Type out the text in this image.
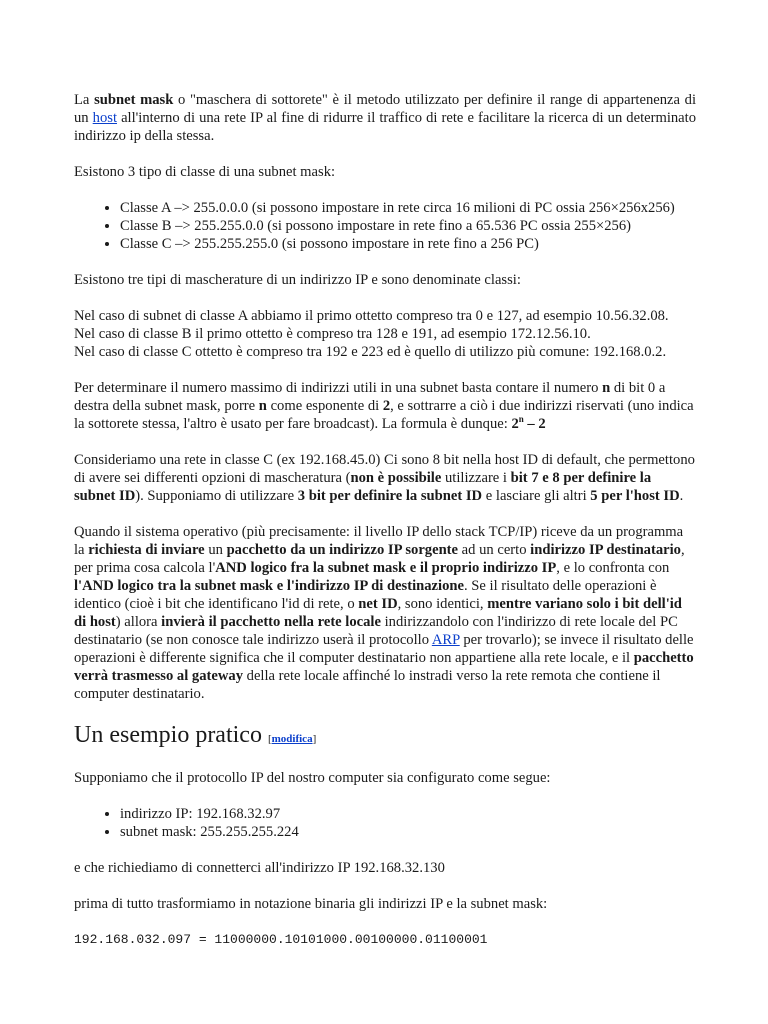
La subnet mask o "maschera di sottorete" è il metodo utilizzato per definire il range di appartenenza di un host all'interno di una rete IP al fine di ridurre il traffico di rete e facilitare la ricerca di un determinato indirizzo ip della stessa.

Esistono 3 tipo di classe di una subnet mask:

• Classe A –> 255.0.0.0 (si possono impostare in rete circa 16 milioni di PC ossia 256×256x256)
• Classe B –> 255.255.0.0 (si possono impostare in rete fino a 65.536 PC ossia 255×256)
• Classe C –> 255.255.255.0 (si possono impostare in rete fino a 256 PC)

Esistono tre tipi di mascherature di un indirizzo IP e sono denominate classi:

Nel caso di subnet di classe A abbiamo il primo ottetto compreso tra 0 e 127, ad esempio 10.56.32.08.
Nel caso di classe B il primo ottetto è compreso tra 128 e 191, ad esempio 172.12.56.10.
Nel caso di classe C ottetto è compreso tra 192 e 223 ed è quello di utilizzo più comune: 192.168.0.2.

Per determinare il numero massimo di indirizzi utili in una subnet basta contare il numero n di bit 0 a destra della subnet mask, porre n come esponente di 2, e sottrarre a ciò i due indirizzi riservati (uno indica la sottorete stessa, l'altro è usato per fare broadcast). La formula è dunque: 2$^n$ – 2

Consideriamo una rete in classe C (ex 192.168.45.0) Ci sono 8 bit nella host ID di default, che permettono di avere sei differenti opzioni di mascheratura (non è possibile utilizzare i bit 7 e 8 per definire la subnet ID). Supponiamo di utilizzare 3 bit per definire la subnet ID e lasciare gli altri 5 per l'host ID.

Quando il sistema operativo (più precisamente: il livello IP dello stack TCP/IP) riceve da un programma la richiesta di inviare un pacchetto da un indirizzo IP sorgente ad un certo indirizzo IP destinatario, per prima cosa calcola l'AND logico fra la subnet mask e il proprio indirizzo IP, e lo confronta con l'AND logico tra la subnet mask e l'indirizzo IP di destinazione. Se il risultato delle operazioni è identico (cioè i bit che identificano l'id di rete, o net ID, sono identici, mentre variano solo i bit dell'id di host) allora invierà il pacchetto nella rete locale indirizzandolo con l'indirizzo di rete locale del PC destinatario (se non conosce tale indirizzo userà il protocollo ARP per trovarlo); se invece il risultato delle operazioni è differente significa che il computer destinatario non appartiene alla rete locale, e il pacchetto verrà trasmesso al gateway della rete locale affinché lo instradi verso la rete remota che contiene il computer destinatario.

Un esempio pratico [modifica]

Supponiamo che il protocollo IP del nostro computer sia configurato come segue:

• indirizzo IP: 192.168.32.97
• subnet mask: 255.255.255.224

e che richiediamo di connetterci all'indirizzo IP 192.168.32.130

prima di tutto trasformiamo in notazione binaria gli indirizzi IP e la subnet mask:

192.168.032.097 = 11000000.10101000.00100000.01100001
